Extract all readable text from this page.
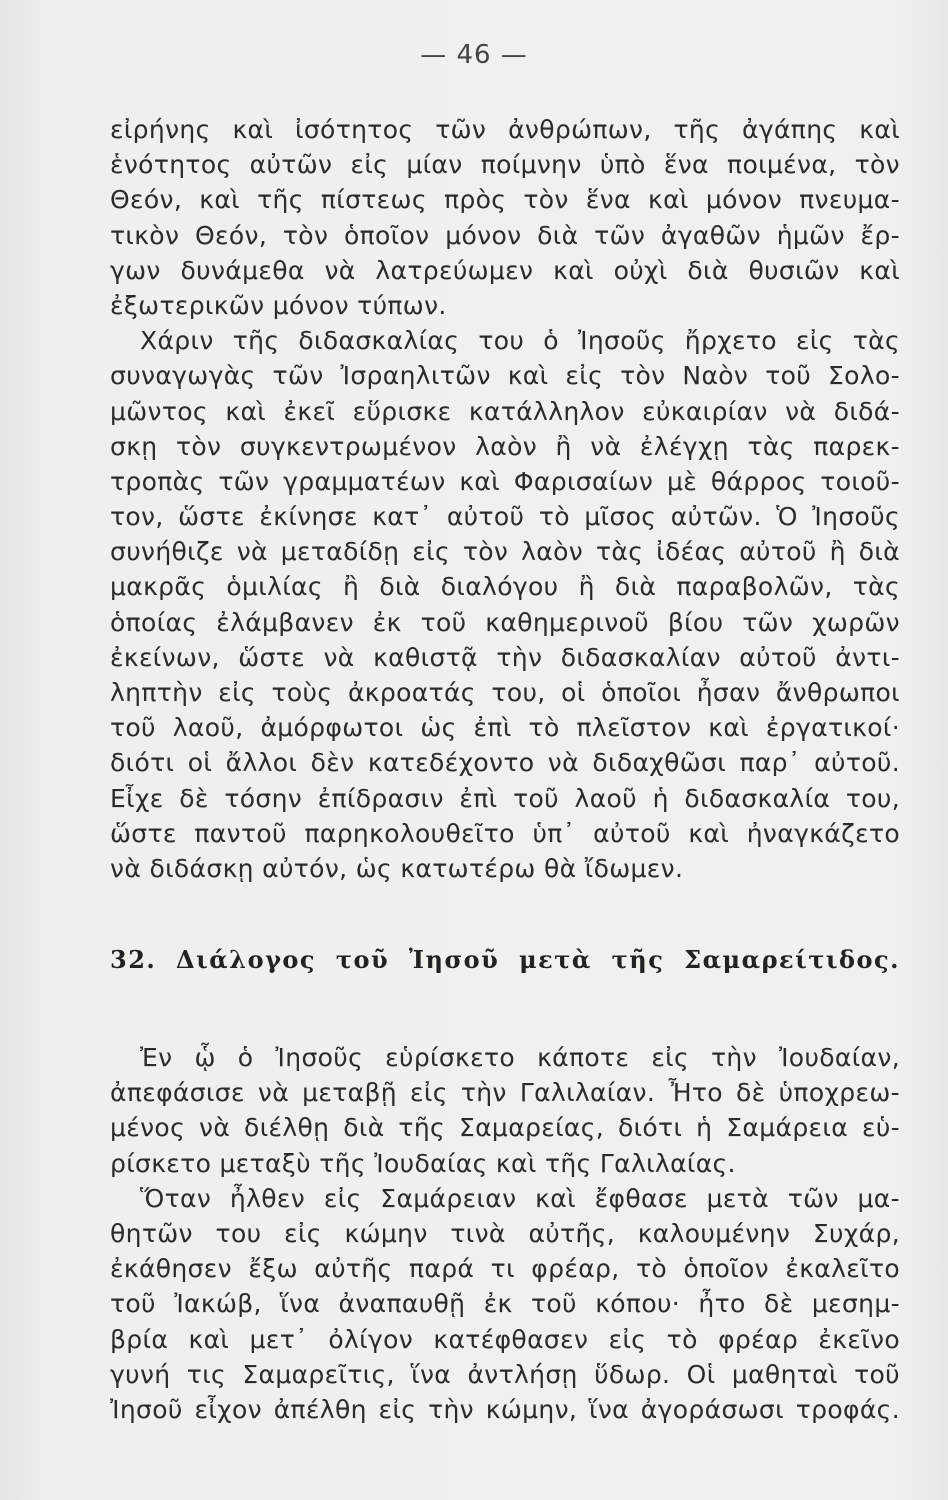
— 46 —
εἰρήνης καὶ ἰσότητος τῶν ἀνθρώπων, τῆς ἀγάπης καὶ
ἑνότητος αὐτῶν εἰς μίαν ποίμνην ὑπὸ ἕνα ποιμένα, τὸν
Θεόν, καὶ τῆς πίστεως πρὸς τὸν ἕνα καὶ μόνον πνευμα-
τικὸν Θεόν, τὸν ὁποῖον μόνον διὰ τῶν ἀγαθῶν ἡμῶν ἔρ-
γων δυνάμεθα νὰ λατρεύωμεν καὶ οὐχὶ διὰ θυσιῶν καὶ
ἐξωτερικῶν μόνον τύπων.
Χάριν τῆς διδασκαλίας του ὁ Ἰησοῦς ἤρχετο εἰς τὰς
συναγωγὰς τῶν Ἰσραηλιτῶν καὶ εἰς τὸν Ναὸν τοῦ Σολο-
μῶντος καὶ ἐκεῖ εὕρισκε κατάλληλον εὐκαιρίαν νὰ διδά-
σκῃ τὸν συγκεντρωμένον λαὸν ἢ νὰ ἐλέγχῃ τὰς παρεκ-
τροπὰς τῶν γραμματέων καὶ Φαρισαίων μὲ θάρρος τοιοῦ-
τον, ὥστε ἐκίνησε κατ᾽ αὐτοῦ τὸ μῖσος αὐτῶν. Ὁ Ἰησοῦς
συνήθιζε νὰ μεταδίδῃ εἰς τὸν λαὸν τὰς ἰδέας αὐτοῦ ἢ διὰ
μακρᾶς ὁμιλίας ἢ διὰ διαλόγου ἢ διὰ παραβολῶν, τὰς
ὁποίας ἐλάμβανεν ἐκ τοῦ καθημερινοῦ βίου τῶν χωρῶν
ἐκείνων, ὥστε νὰ καθιστᾷ τὴν διδασκαλίαν αὐτοῦ ἀντι-
ληπτὴν εἰς τοὺς ἀκροατάς του, οἱ ὁποῖοι ἦσαν ἄνθρωποι
τοῦ λαοῦ, ἀμόρφωτοι ὡς ἐπὶ τὸ πλεῖστον καὶ ἐργατικοί·
διότι οἱ ἄλλοι δὲν κατεδέχοντο νὰ διδαχθῶσι παρ᾽ αὐτοῦ.
Εἶχε δὲ τόσην ἐπίδρασιν ἐπὶ τοῦ λαοῦ ἡ διδασκαλία του,
ὥστε παντοῦ παρηκολουθεῖτο ὑπ᾽ αὐτοῦ καὶ ἠναγκάζετο
νὰ διδάσκῃ αὐτόν, ὡς κατωτέρω θὰ ἴδωμεν.
32. Διάλογος τοῦ Ἰησοῦ μετὰ τῆς Σαμαρείτιδος.
Ἐν ᾧ ὁ Ἰησοῦς εὑρίσκετο κάποτε εἰς τὴν Ἰουδαίαν,
ἀπεφάσισε νὰ μεταβῇ εἰς τὴν Γαλιλαίαν. Ἦτο δὲ ὑποχρεω-
μένος νὰ διέλθῃ διὰ τῆς Σαμαρείας, διότι ἡ Σαμάρεια εὑ-
ρίσκετο μεταξὺ τῆς Ἰουδαίας καὶ τῆς Γαλιλαίας.
Ὅταν ἦλθεν εἰς Σαμάρειαν καὶ ἔφθασε μετὰ τῶν μα-
θητῶν του εἰς κώμην τινὰ αὐτῆς, καλουμένην Συχάρ,
ἐκάθησεν ἔξω αὐτῆς παρά τι φρέαρ, τὸ ὁποῖον ἐκαλεῖτο
τοῦ Ἰακώβ, ἵνα ἀναπαυθῇ ἐκ τοῦ κόπου· ἦτο δὲ μεσημ-
βρία καὶ μετ᾽ ὀλίγον κατέφθασεν εἰς τὸ φρέαρ ἐκεῖνο
γυνή τις Σαμαρεῖτις, ἵνα ἀντλήσῃ ὕδωρ. Οἱ μαθηταὶ τοῦ
Ἰησοῦ εἶχον ἀπέλθη εἰς τὴν κώμην, ἵνα ἀγοράσωσι τροφάς.
